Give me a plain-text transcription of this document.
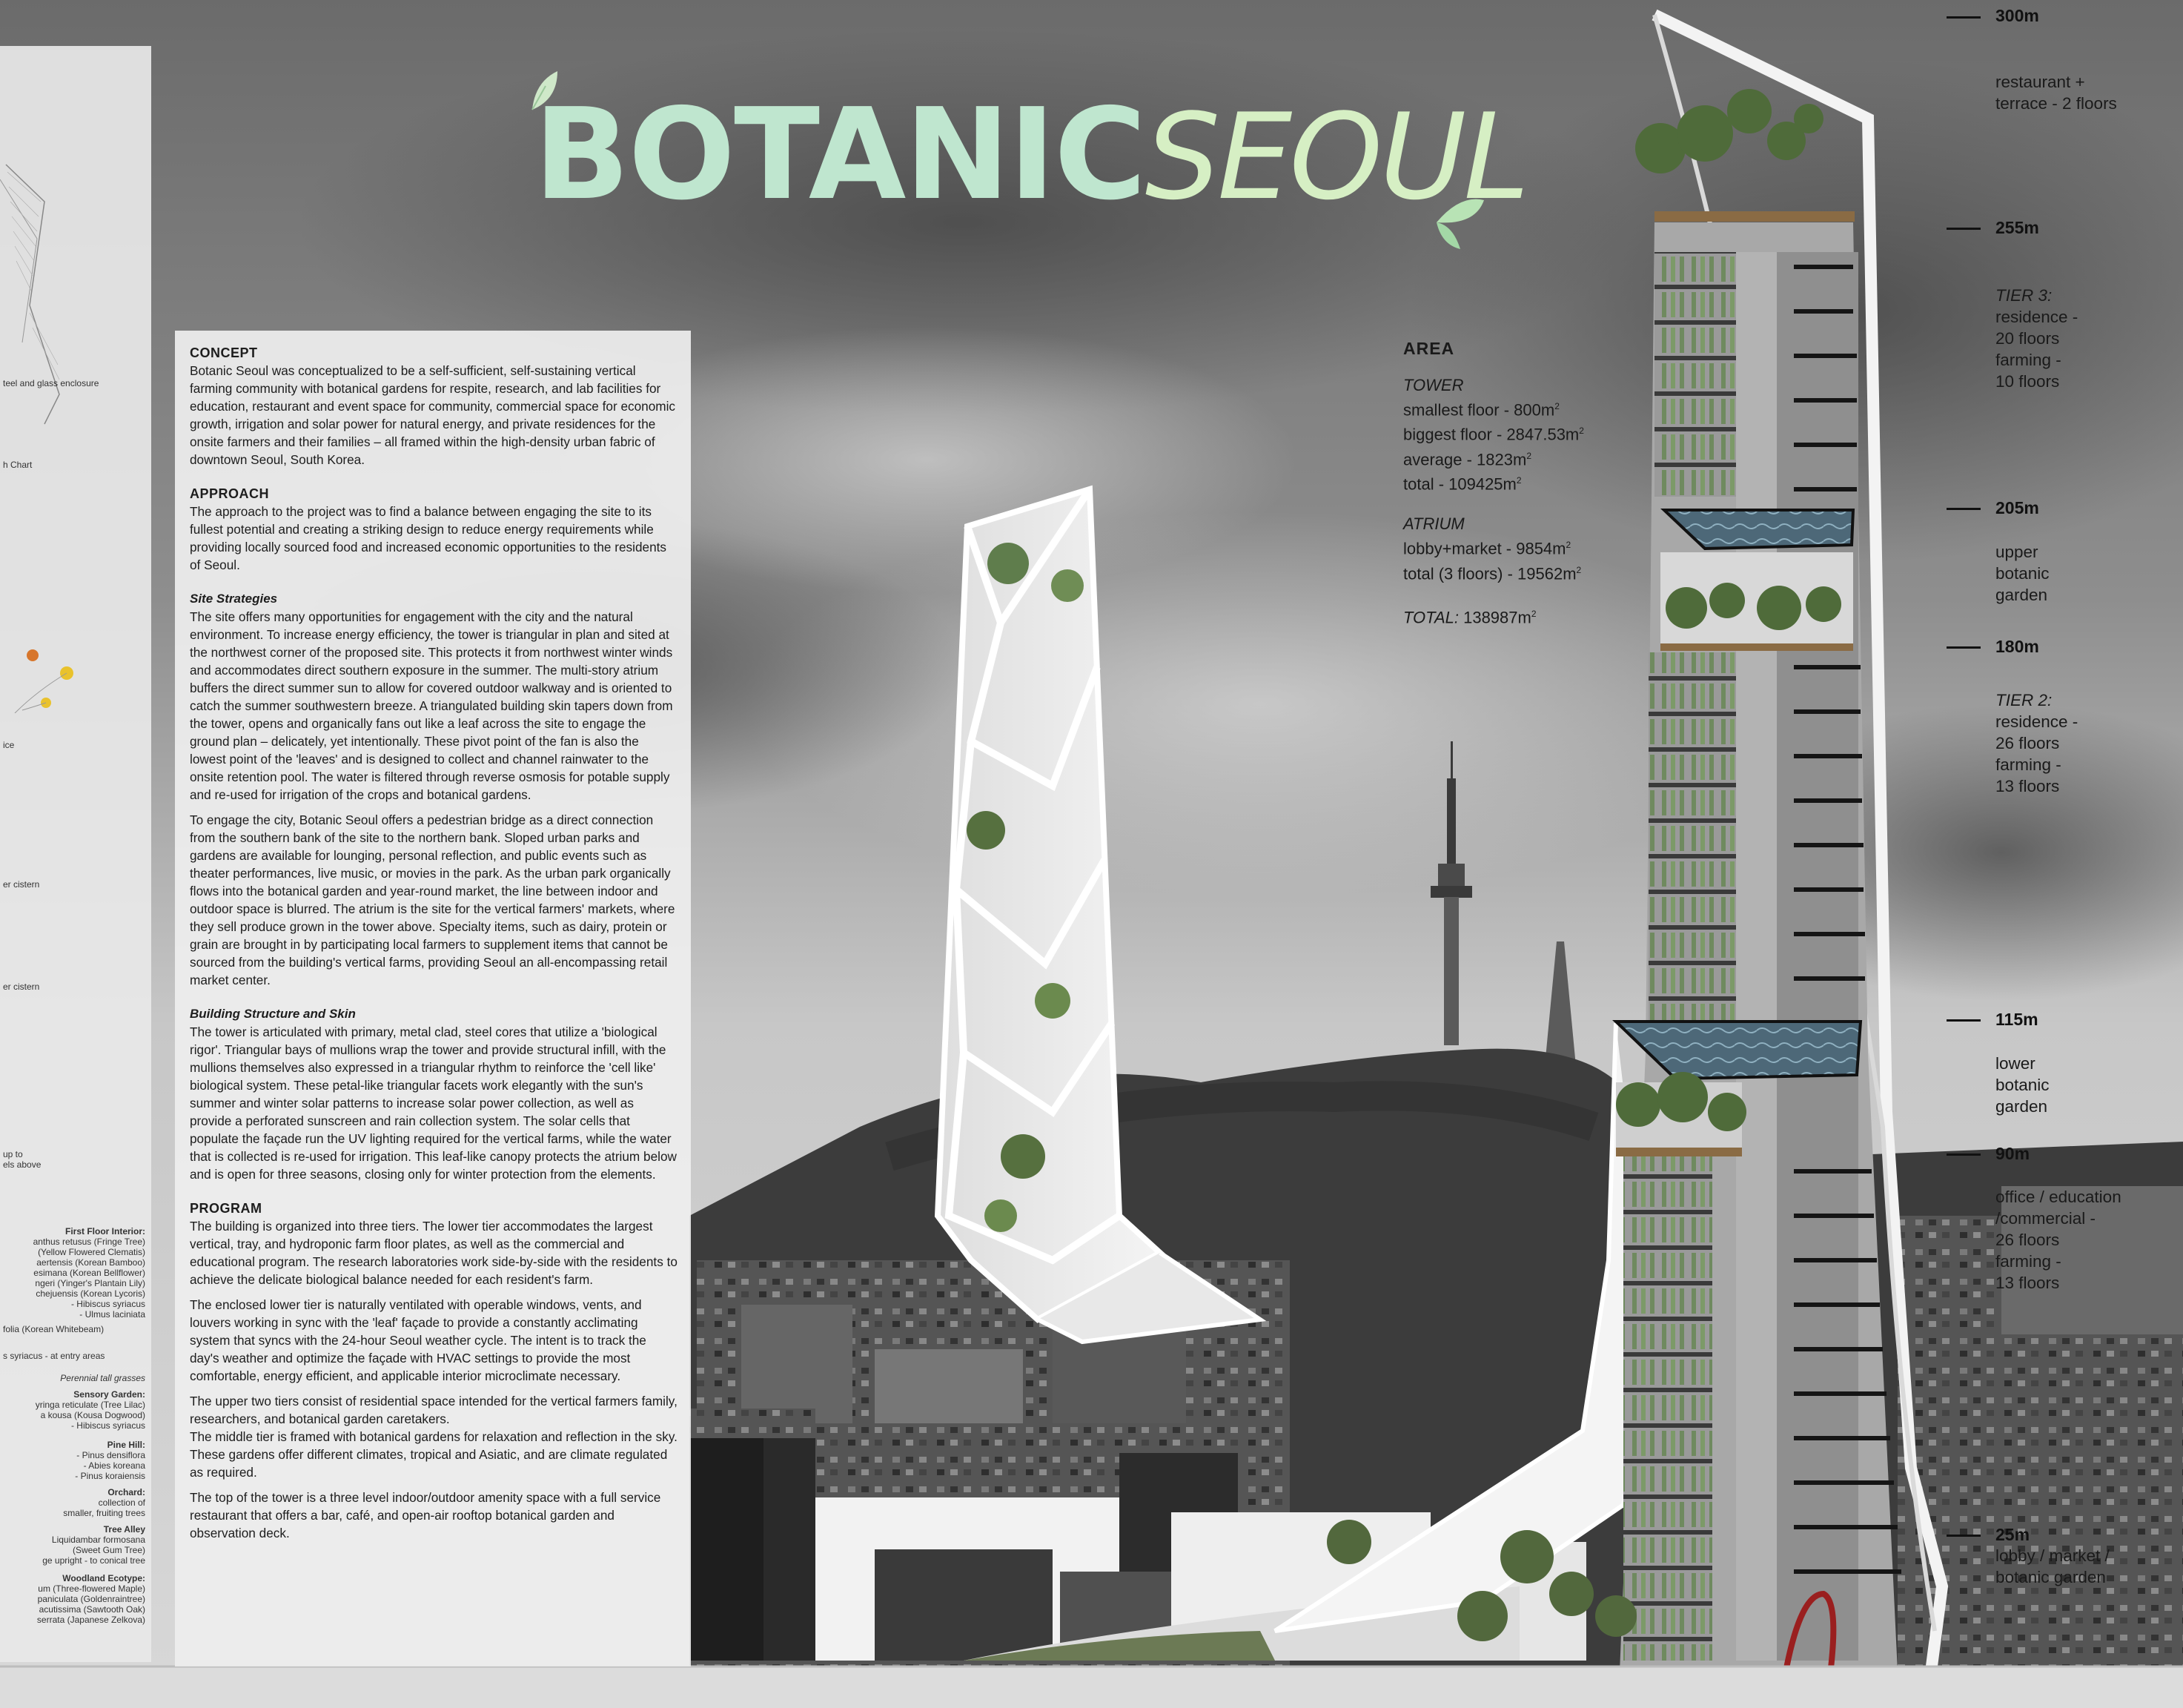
BOTANICSEOUL
teel and glass enclosure
h Chart
ice
er cistern
er cistern
up to
els above
First Floor Interior:
anthus retusus (Fringe Tree)
(Yellow Flowered Clematis)
aertensis (Korean Bamboo)
esimana (Korean Bellflower)
ngeri (Yinger's Plantain Lily)
chejuensis (Korean Lycoris)
- Hibiscus syriacus
- Ulmus laciniata
folia (Korean Whitebeam)
s syriacus - at entry areas
Perennial tall grasses
Sensory Garden:
yringa reticulate (Tree Lilac)
a kousa (Kousa Dogwood)
- Hibiscus syriacus
Pine Hill:
- Pinus densiflora
- Abies koreana
- Pinus koraiensis
Orchard:
collection of
smaller, fruiting trees
Tree Alley
Liquidambar formosana
(Sweet Gum Tree)
ge upright - to conical tree
Woodland Ecotype:
um (Three-flowered Maple)
paniculata (Goldenraintree)
acutissima (Sawtooth Oak)
serrata (Japanese Zelkova)
CONCEPT

Botanic Seoul was conceptualized to be a self-sufficient, self-sustaining vertical farming community with botanical gardens for respite, research, and lab facilities for education, restaurant and event space for community, commercial space for economic growth, irrigation and solar power for natural energy, and private residences for the onsite farmers and their families – all framed within the high-density urban fabric of downtown Seoul, South Korea.

APPROACH

The approach to the project was to find a balance between engaging the site to its fullest potential and creating a striking design to reduce energy requirements while providing locally sourced food and increased economic opportunities to the residents of Seoul.

Site Strategies

The site offers many opportunities for engagement with the city and the natural environment. To increase energy efficiency, the tower is triangular in plan and sited at the northwest corner of the proposed site. This protects it from northwest winter winds and accommodates direct southern exposure in the summer. The multi-story atrium buffers the direct summer sun to allow for covered outdoor walkway and is oriented to catch the summer southwestern breeze. A triangulated building skin tapers down from the tower, opens and organically fans out like a leaf across the site to engage the ground plan – delicately, yet intentionally. These pivot point of the fan is also the lowest point of the 'leaves' and is designed to collect and channel rainwater to the onsite retention pool. The water is filtered through reverse osmosis for potable supply and re-used for irrigation of the crops and botanical gardens.

To engage the city, Botanic Seoul offers a pedestrian bridge as a direct connection from the southern bank of the site to the northern bank. Sloped urban parks and gardens are available for lounging, personal reflection, and public events such as theater performances, live music, or movies in the park. As the urban park organically flows into the botanical garden and year-round market, the line between indoor and outdoor space is blurred. The atrium is the site for the vertical farmers' markets, where they sell produce grown in the tower above. Specialty items, such as dairy, protein or grain are brought in by participating local farmers to supplement items that cannot be sourced from the building's vertical farms, providing Seoul an all-encompassing retail market center.

Building Structure and Skin

The tower is articulated with primary, metal clad, steel cores that utilize a 'biological rigor'. Triangular bays of mullions wrap the tower and provide structural infill, with the mullions themselves also expressed in a triangular rhythm to reinforce the 'cell like' biological system. These petal-like triangular facets work elegantly with the sun's summer and winter solar patterns to increase solar power collection, as well as provide a perforated sunscreen and rain collection system. The solar cells that populate the façade run the UV lighting required for the vertical farms, while the water that is collected is re-used for irrigation. This leaf-like canopy protects the atrium below and is open for three seasons, closing only for winter protection from the elements.

PROGRAM

The building is organized into three tiers. The lower tier accommodates the largest vertical, tray, and hydroponic farm floor plates, as well as the commercial and educational program. The research laboratories work side-by-side with the residents to achieve the delicate biological balance needed for each resident's farm.

The enclosed lower tier is naturally ventilated with operable windows, vents, and louvers working in sync with the 'leaf' façade to provide a constantly acclimating system that syncs with the 24-hour Seoul weather cycle. The intent is to track the day's weather and optimize the façade with HVAC settings to provide the most comfortable, energy efficient, and applicable interior microclimate necessary.

The upper two tiers consist of residential space intended for the vertical farmers family, researchers, and botanical garden caretakers.

The middle tier is framed with botanical gardens for relaxation and reflection in the sky. These gardens offer different climates, tropical and Asiatic, and are climate regulated as required.

The top of the tower is a three level indoor/outdoor amenity space with a full service restaurant that offers a bar, café, and open-air rooftop botanical garden and observation deck.

AREA
TOWER
smallest floor - $800m^2$
biggest floor - $2847.53m^2$
average - $1823m^2$
total - $109425m^2$
ATRIUM
lobby+market - $9854m^2$
total (3 floors) - $19562m^2$
TOTAL: $138987m^2$
300m
restaurant +
terrace - 2 floors
255m
TIER 3:
residence -
20 floors
farming -
10 floors
205m
upper
botanic
garden
180m
TIER 2:
residence -
26 floors
farming -
13 floors
115m
lower
botanic
garden
90m
office / education
/commercial -
26 floors
farming -
13 floors
25m
lobby / market /
botanic garden
